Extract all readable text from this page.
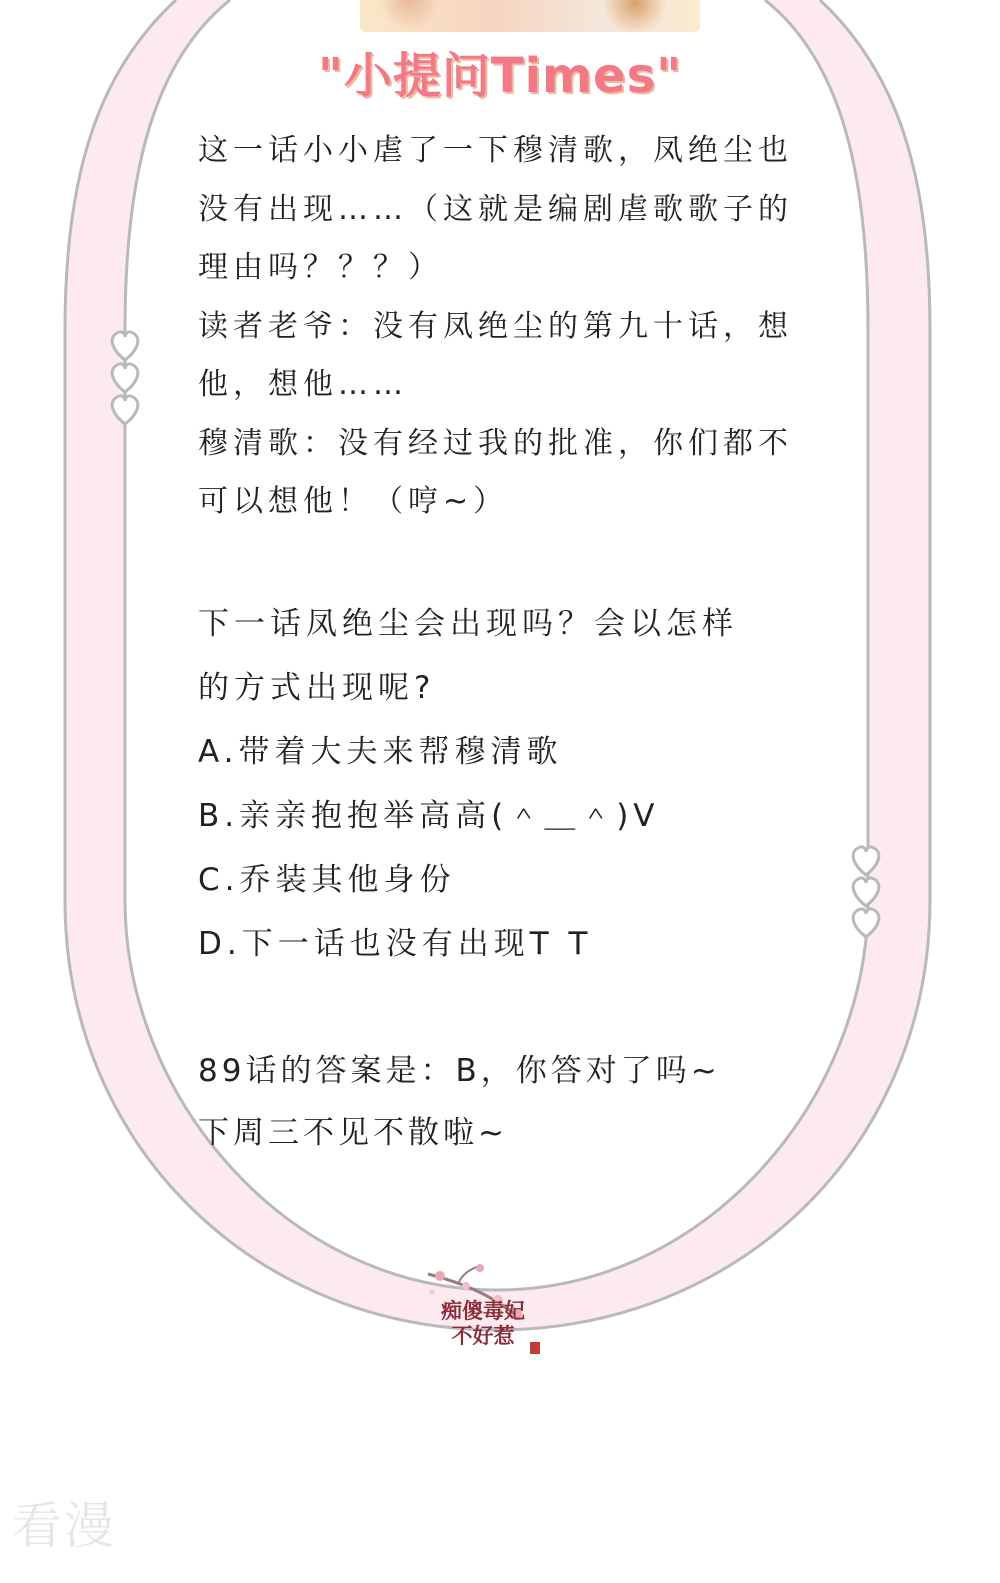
"小提问Times"
这一话小小虐了一下穆清歌，凤绝尘也
没有出现……（这就是编剧虐歌歌子的
理由吗？？？）
读者老爷：没有凤绝尘的第九十话，想
他，想他……
穆清歌：没有经过我的批准，你们都不
可以想他！（哼~）
下一话凤绝尘会出现吗？会以怎样
的方式出现呢?
A.带着大夫来帮穆清歌
B.亲亲抱抱举高高(＾＿＾)V
C.乔装其他身份
D.下一话也没有出现T T
89话的答案是：B，你答对了吗~
下周三不见不散啦~
痴傻毒妃
不好惹
看漫
